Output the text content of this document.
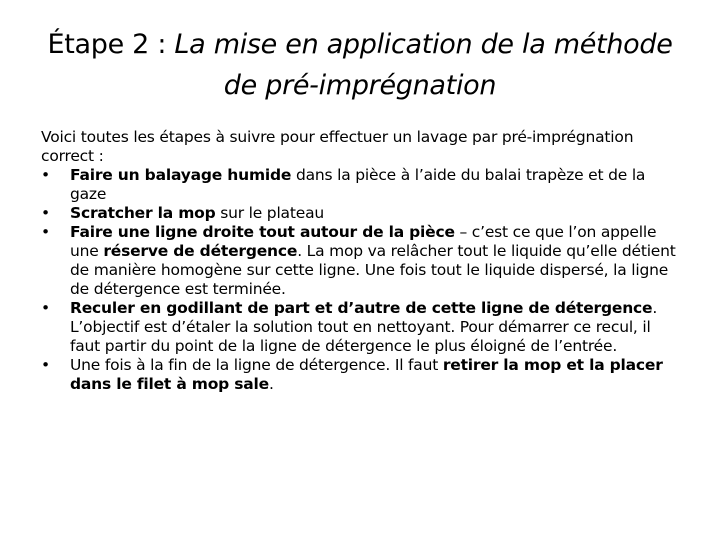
Étape 2 : La mise en application de la méthode de pré-imprégnation

Voici toutes les étapes à suivre pour effectuer un lavage par pré-imprégnation correct :

• Faire un balayage humide dans la pièce à l’aide du balai trapèze et de la gaze
• Scratcher la mop sur le plateau
• Faire une ligne droite tout autour de la pièce – c’est ce que l’on appelle une réserve de détergence. La mop va relâcher tout le liquide qu’elle détient de manière homogène sur cette ligne. Une fois tout le liquide dispersé, la ligne de détergence est terminée.
• Reculer en godillant de part et d’autre de cette ligne de détergence. L’objectif est d’étaler la solution tout en nettoyant. Pour démarrer ce recul, il faut partir du point de la ligne de détergence le plus éloigné de l’entrée.
• Une fois à la fin de la ligne de détergence. Il faut retirer la mop et la placer dans le filet à mop sale.
